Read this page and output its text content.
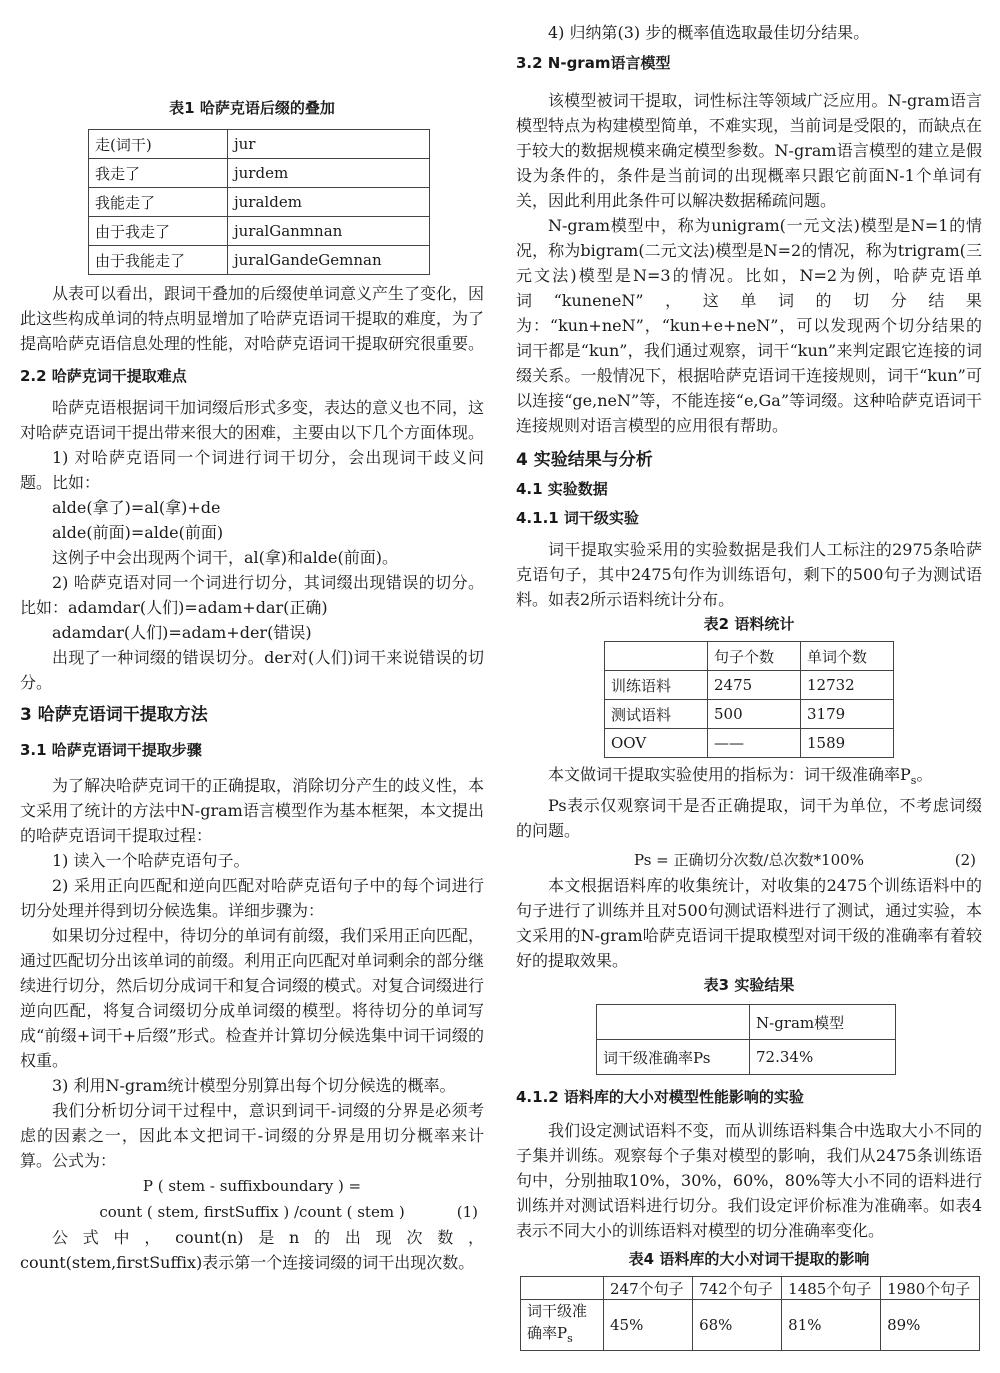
表1 哈萨克语后缀的叠加

走(词干)	jur
我走了	jurdem
我能走了	juraldem
由于我走了	juralGanmnan
由于我能走了	juralGandeGemnan

从表可以看出，跟词干叠加的后缀使单词意义产生了变化，因此这些构成单词的特点明显增加了哈萨克语词干提取的难度，为了提高哈萨克语信息处理的性能，对哈萨克语词干提取研究很重要。

2.2 哈萨克词干提取难点

哈萨克语根据词干加词缀后形式多变，表达的意义也不同，这对哈萨克语词干提出带来很大的困难，主要由以下几个方面体现。

1) 对哈萨克语同一个词进行词干切分，会出现词干歧义问题。比如：

alde(拿了)=al(拿)+de

alde(前面)=alde(前面)

这例子中会出现两个词干，al(拿)和alde(前面)。

2) 哈萨克语对同一个词进行切分，其词缀出现错误的切分。比如：adamdar(人们)=adam+dar(正确)

adamdar(人们)=adam+der(错误)

出现了一种词缀的错误切分。der对(人们)词干来说错误的切分。

3 哈萨克语词干提取方法

3.1 哈萨克语词干提取步骤

为了解决哈萨克词干的正确提取，消除切分产生的歧义性，本文采用了统计的方法中N-gram语言模型作为基本框架，本文提出的哈萨克语词干提取过程：

1) 读入一个哈萨克语句子。

2) 采用正向匹配和逆向匹配对哈萨克语句子中的每个词进行切分处理并得到切分候选集。详细步骤为：

如果切分过程中，待切分的单词有前缀，我们采用正向匹配，通过匹配切分出该单词的前缀。利用正向匹配对单词剩余的部分继续进行切分，然后切分成词干和复合词缀的模式。对复合词缀进行逆向匹配，将复合词缀切分成单词缀的模型。将待切分的单词写成“前缀+词干+后缀”形式。检查并计算切分候选集中词干词缀的权重。

3) 利用N-gram统计模型分别算出每个切分候选的概率。

我们分析切分词干过程中，意识到词干-词缀的分界是必须考虑的因素之一，因此本文把词干-词缀的分界是用切分概率来计算。公式为：

P ( stem - suffixboundary ) =
count ( stem, firstSuffix ) /count ( stem )	(1)

公式中，count(n)是n的出现次数，count(stem,firstSuffix)表示第一个连接词缀的词干出现次数。

4) 归纳第(3) 步的概率值选取最佳切分结果。

3.2 N-gram语言模型

该模型被词干提取，词性标注等领域广泛应用。N-gram语言模型特点为构建模型简单，不难实现，当前词是受限的，而缺点在于较大的数据规模来确定模型参数。N-gram语言模型的建立是假设为条件的，条件是当前词的出现概率只跟它前面N-1个单词有关，因此利用此条件可以解决数据稀疏问题。

N-gram模型中，称为unigram(一元文法)模型是N=1的情况，称为bigram(二元文法)模型是N=2的情况，称为trigram(三元文法)模型是N=3的情况。比如，N=2为例，哈萨克语单词“kuneneN”，这单词的切分结果为：“kun+neN”，“kun+e+neN”，可以发现两个切分结果的词干都是“kun”，我们通过观察，词干“kun”来判定跟它连接的词缀关系。一般情况下，根据哈萨克语词干连接规则，词干“kun”可以连接“ge,neN”等，不能连接“e,Ga”等词缀。这种哈萨克语词干连接规则对语言模型的应用很有帮助。

4 实验结果与分析

4.1 实验数据

4.1.1 词干级实验

词干提取实验采用的实验数据是我们人工标注的2975条哈萨克语句子，其中2475句作为训练语句，剩下的500句子为测试语料。如表2所示语料统计分布。

表2 语料统计

	句子个数	单词个数
训练语料	2475	12732
测试语料	500	3179
OOV	——	1589

本文做词干提取实验使用的指标为：词干级准确率$P_s$。

Ps表示仅观察词干是否正确提取，词干为单位，不考虑词缀的问题。

Ps = 正确切分次数/总次数*100%	(2)

本文根据语料库的收集统计，对收集的2475个训练语料中的句子进行了训练并且对500句测试语料进行了测试，通过实验，本文采用的N-gram哈萨克语词干提取模型对词干级的准确率有着较好的提取效果。

表3 实验结果

	N-gram模型
词干级准确率Ps	72.34%

4.1.2 语料库的大小对模型性能影响的实验

我们设定测试语料不变，而从训练语料集合中选取大小不同的子集并训练。观察每个子集对模型的影响，我们从2475条训练语句中，分别抽取10%，30%，60%，80%等大小不同的语料进行训练并对测试语料进行切分。我们设定评价标准为准确率。如表4表示不同大小的训练语料对模型的切分准确率变化。

表4 语料库的大小对词干提取的影响

	247个句子	742个句子	1485个句子	1980个句子
词干级准确率$P_s$	45%	68%	81%	89%
